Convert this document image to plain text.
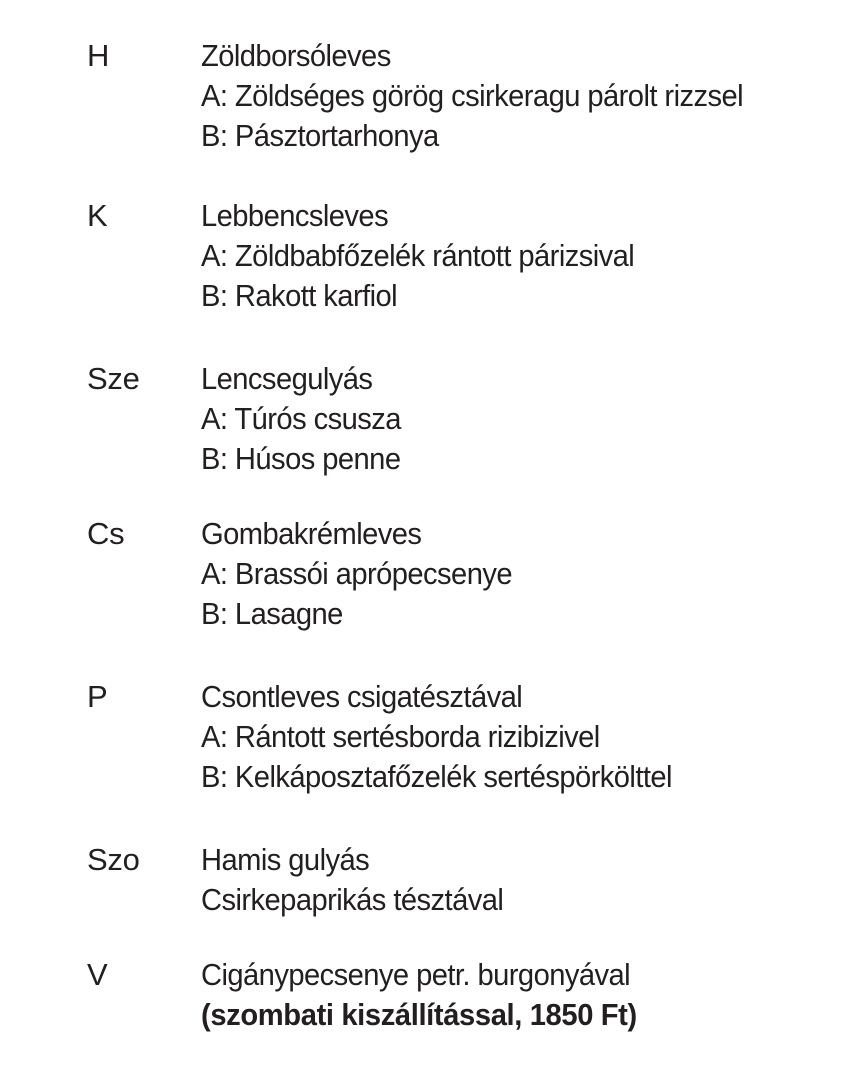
H	Zöldborsóleves
A: Zöldséges görög csirkeragu párolt rizzsel
B: Pásztortarhonya
K	Lebbencsleves
A: Zöldbabfőzelék rántott párizsival
B: Rakott karfiol
Sze Lencsegulyás
A: Túrós csusza
B: Húsos penne
Cs Gombakrémleves
A: Brassói aprópecsenye
B: Lasagne
P	Csontleves csigatésztával
A: Rántott sertésborda rizibizivel
B: Kelkáposztafőzelék sertéspörkölttel
Szo Hamis gulyás
Csirkepaprikás tésztával
V	Cigánypecsenye petr. burgonyával
(szombati kiszállítással, 1850 Ft)
